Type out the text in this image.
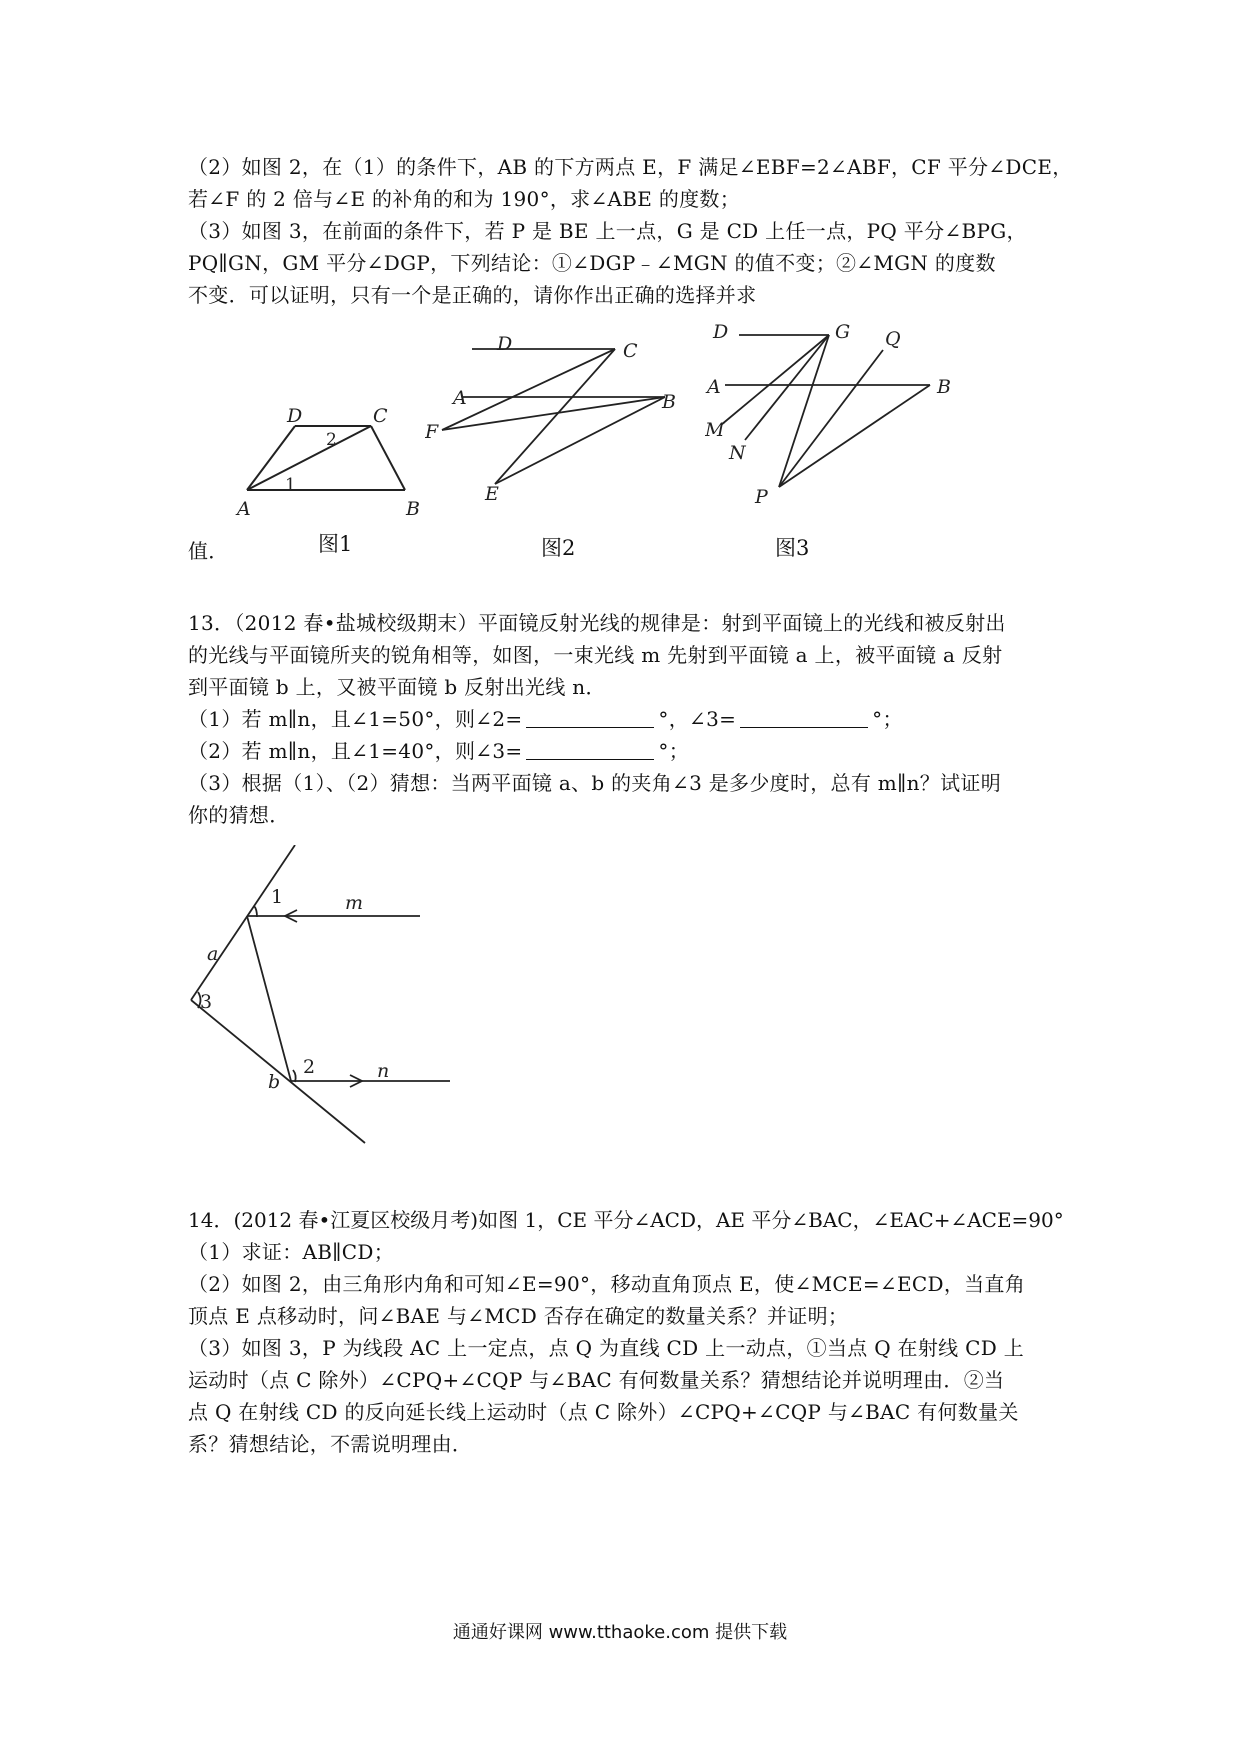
（2）如图 2，在（1）的条件下，AB 的下方两点 E，F 满足∠EBF=2∠ABF，CF 平分∠DCE，
若∠F 的 2 倍与∠E 的补角的和为 190°，求∠ABE 的度数；
（3）如图 3，在前面的条件下，若 P 是 BE 上一点，G 是 CD 上任一点，PQ 平分∠BPG，
PQ∥GN，GM 平分∠DGP，下列结论：①∠DGP﹣∠MGN 的值不变；②∠MGN 的度数
不变．可以证明，只有一个是正确的，请你作出正确的选择并求
A	B
C
D
1
2
D	C
A
F
E
B
D	G Q
A	B
M
N
P
值．	图1	图2	图3
13．（2012 春•盐城校级期末）平面镜反射光线的规律是：射到平面镜上的光线和被反射出
的光线与平面镜所夹的锐角相等，如图，一束光线 m 先射到平面镜 a 上，被平面镜 a 反射
到平面镜 b 上，又被平面镜 b 反射出光线 n．
（1）若 m∥n，且∠1=50°，则∠2=	°，∠3=	°；
（2）若 m∥n，且∠1=40°，则∠3=	°；
（3）根据（1）、（2）猜想：当两平面镜 a、b 的夹角∠3 是多少度时，总有 m∥n？试证明
你的猜想．
1
2
3
a
b
m
n
14．(2012 春•江夏区校级月考)如图 1，CE 平分∠ACD，AE 平分∠BAC，∠EAC+∠ACE=90°
（1）求证：AB∥CD；
（2）如图 2，由三角形内角和可知∠E=90°，移动直角顶点 E，使∠MCE=∠ECD，当直角
顶点 E 点移动时，问∠BAE 与∠MCD 否存在确定的数量关系？并证明；
（3）如图 3，P 为线段 AC 上一定点，点 Q 为直线 CD 上一动点，①当点 Q 在射线 CD 上
运动时（点 C 除外）∠CPQ+∠CQP 与∠BAC 有何数量关系？猜想结论并说明理由．②当
点 Q 在射线 CD 的反向延长线上运动时（点 C 除外）∠CPQ+∠CQP 与∠BAC 有何数量关
系？猜想结论，不需说明理由．
通通好课网 www.tthaoke.com 提供下载
